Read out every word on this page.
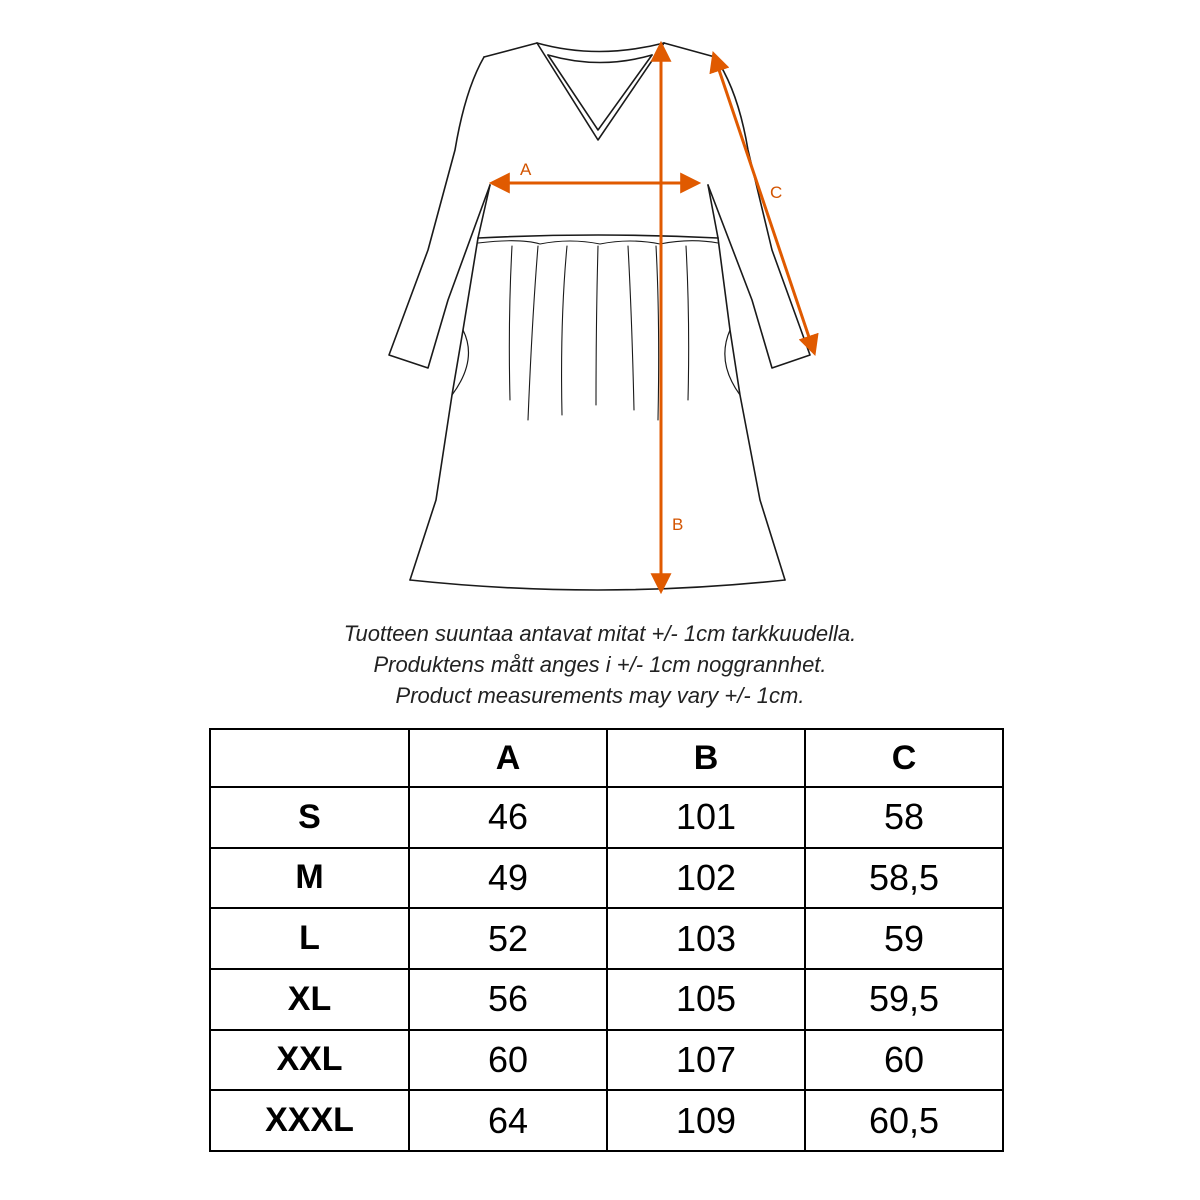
A
B
C
Tuotteen suuntaa antavat mitat +/- 1cm tarkkuudella.
Produktens mått anges i +/- 1cm noggrannhet.
Product measurements may vary +/- 1cm.
	A	B	C
S	46	101	58
M	49	102	58,5
L	52	103	59
XL	56	105	59,5
XXL	60	107	60
XXXL	64	109	60,5
